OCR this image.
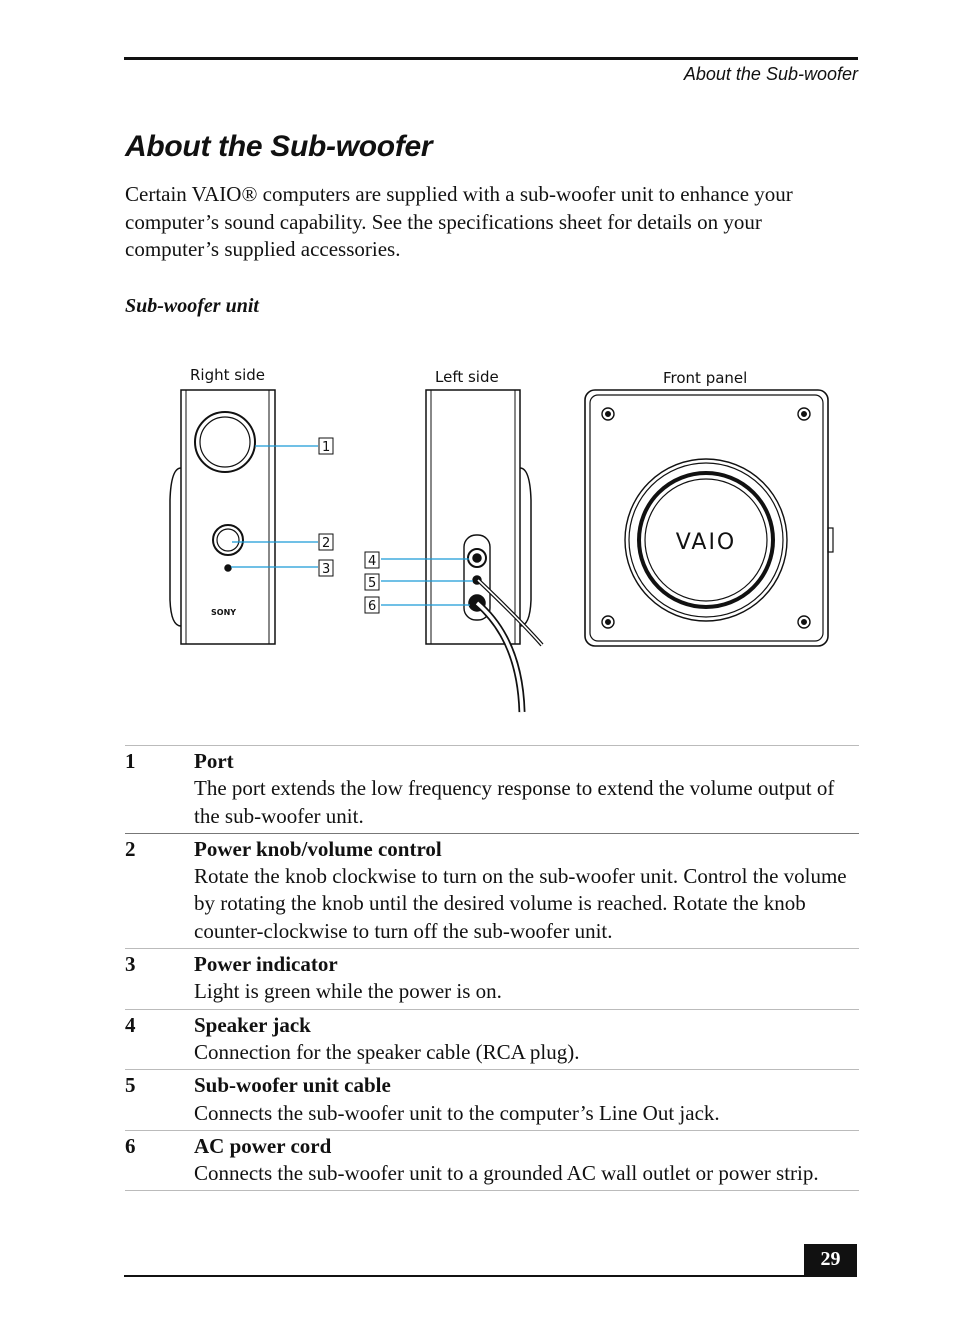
About the Sub-woofer
About the Sub-woofer

Certain VAIO® computers are supplied with a sub-woofer unit to enhance your computer’s sound capability. See the specifications sheet for details on your computer’s supplied accessories.

Sub-woofer unit
Right side	Left side	Front panel
SONY
1
2
3
4
5
6
VAIO
1	Port
The port extends the low frequency response to extend the volume output of the sub-woofer unit.
2	Power knob/volume control
Rotate the knob clockwise to turn on the sub-woofer unit. Control the volume by rotating the knob until the desired volume is reached. Rotate the knob counter-clockwise to turn off the sub-woofer unit.
3	Power indicator
Light is green while the power is on.
4	Speaker jack
Connection for the speaker cable (RCA plug).
5	Sub-woofer unit cable
Connects the sub-woofer unit to the computer’s Line Out jack.
6	AC power cord
Connects the sub-woofer unit to a grounded AC wall outlet or power strip.
29
